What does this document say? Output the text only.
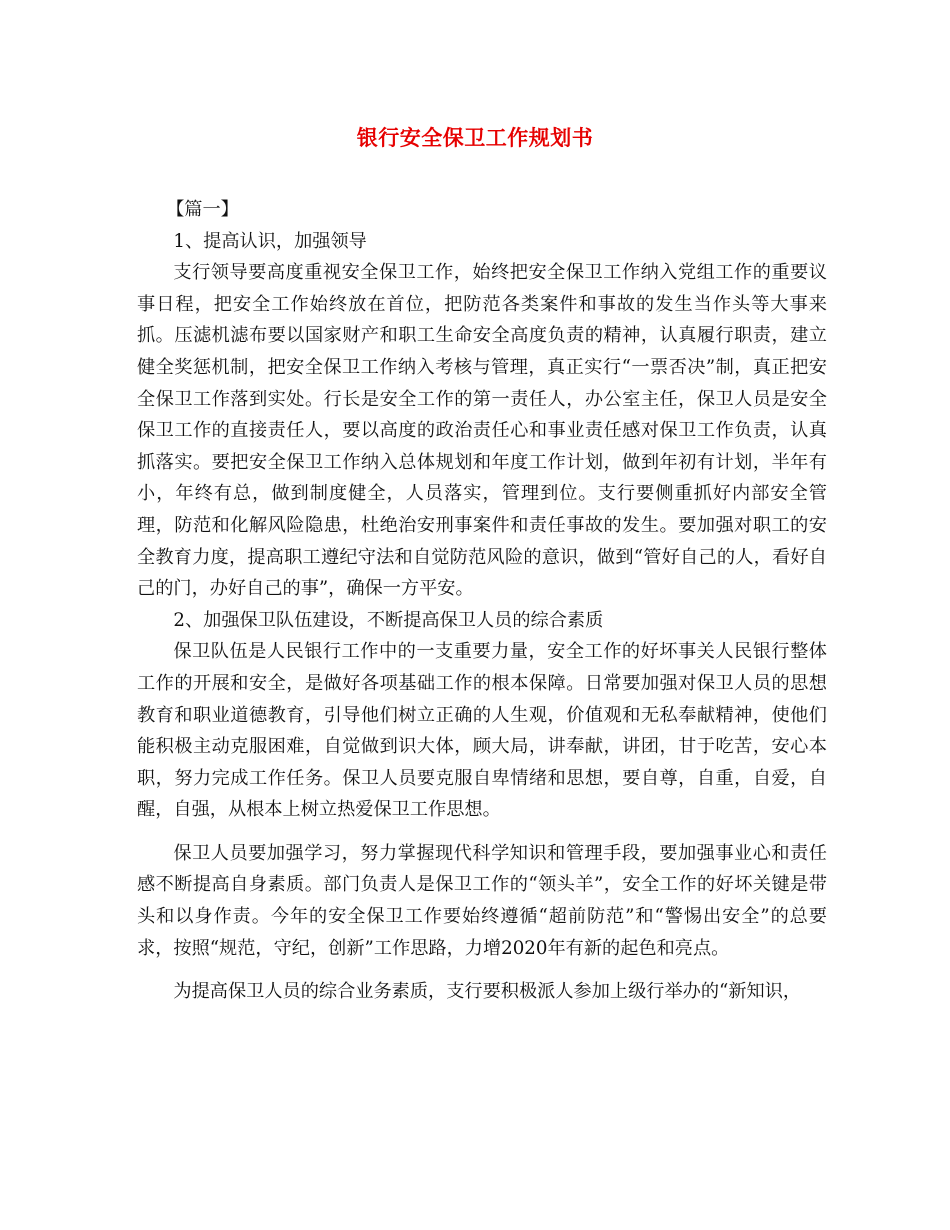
银行安全保卫工作规划书

【篇一】

1、提高认识，加强领导

支行领导要高度重视安全保卫工作，始终把安全保卫工作纳入党组工作的重要议事日程，把安全工作始终放在首位，把防范各类案件和事故的发生当作头等大事来抓。压滤机滤布要以国家财产和职工生命安全高度负责的精神，认真履行职责，建立健全奖惩机制，把安全保卫工作纳入考核与管理，真正实行“一票否决”制，真正把安全保卫工作落到实处。行长是安全工作的第一责任人，办公室主任，保卫人员是安全保卫工作的直接责任人，要以高度的政治责任心和事业责任感对保卫工作负责，认真抓落实。要把安全保卫工作纳入总体规划和年度工作计划，做到年初有计划，半年有小，年终有总，做到制度健全，人员落实，管理到位。支行要侧重抓好内部安全管理，防范和化解风险隐患，杜绝治安刑事案件和责任事故的发生。要加强对职工的安全教育力度，提高职工遵纪守法和自觉防范风险的意识，做到“管好自己的人，看好自己的门，办好自己的事”，确保一方平安。

2、加强保卫队伍建设，不断提高保卫人员的综合素质

保卫队伍是人民银行工作中的一支重要力量，安全工作的好坏事关人民银行整体工作的开展和安全，是做好各项基础工作的根本保障。日常要加强对保卫人员的思想教育和职业道德教育，引导他们树立正确的人生观，价值观和无私奉献精神，使他们能积极主动克服困难，自觉做到识大体，顾大局，讲奉献，讲团，甘于吃苦，安心本职，努力完成工作任务。保卫人员要克服自卑情绪和思想，要自尊，自重，自爱，自醒，自强，从根本上树立热爱保卫工作思想。

保卫人员要加强学习，努力掌握现代科学知识和管理手段，要加强事业心和责任感不断提高自身素质。部门负责人是保卫工作的“领头羊”，安全工作的好坏关键是带头和以身作责。今年的安全保卫工作要始终遵循“超前防范”和“警惕出安全”的总要求，按照“规范，守纪，创新”工作思路，力增2020年有新的起色和亮点。

为提高保卫人员的综合业务素质，支行要积极派人参加上级行举办的“新知识，
